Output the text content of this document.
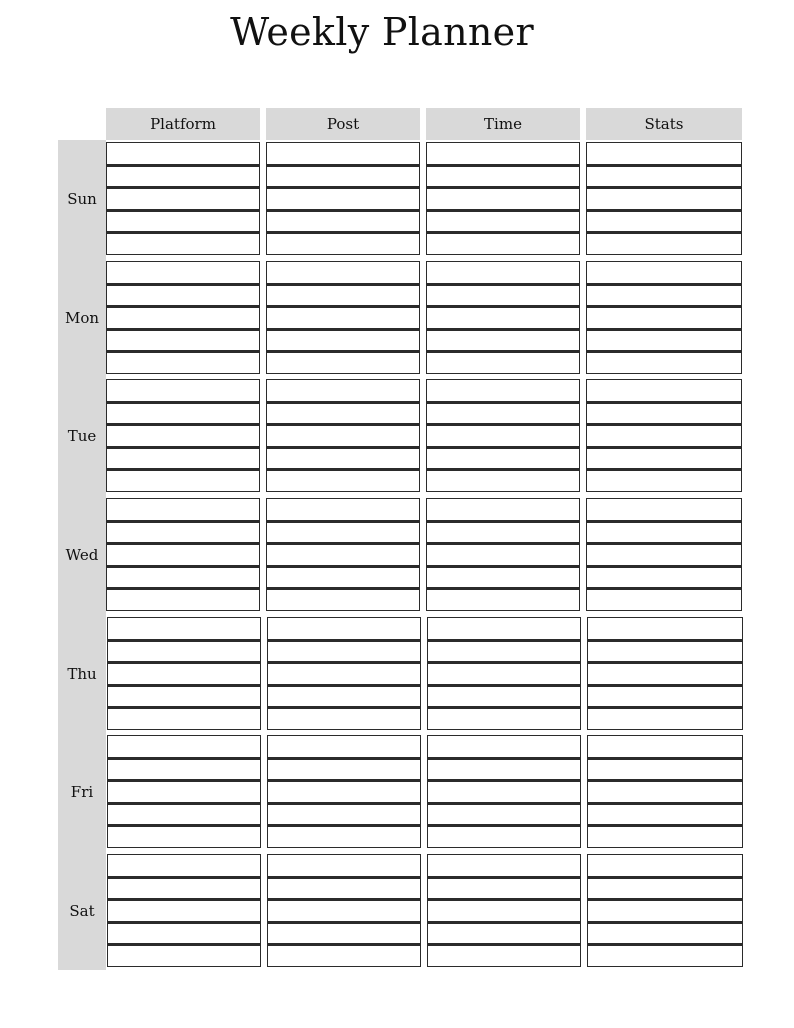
Weekly Planner
Platform	Post	Time	Stats
Sun
Mon
Tue
Wed
Thu
Fri
Sat
